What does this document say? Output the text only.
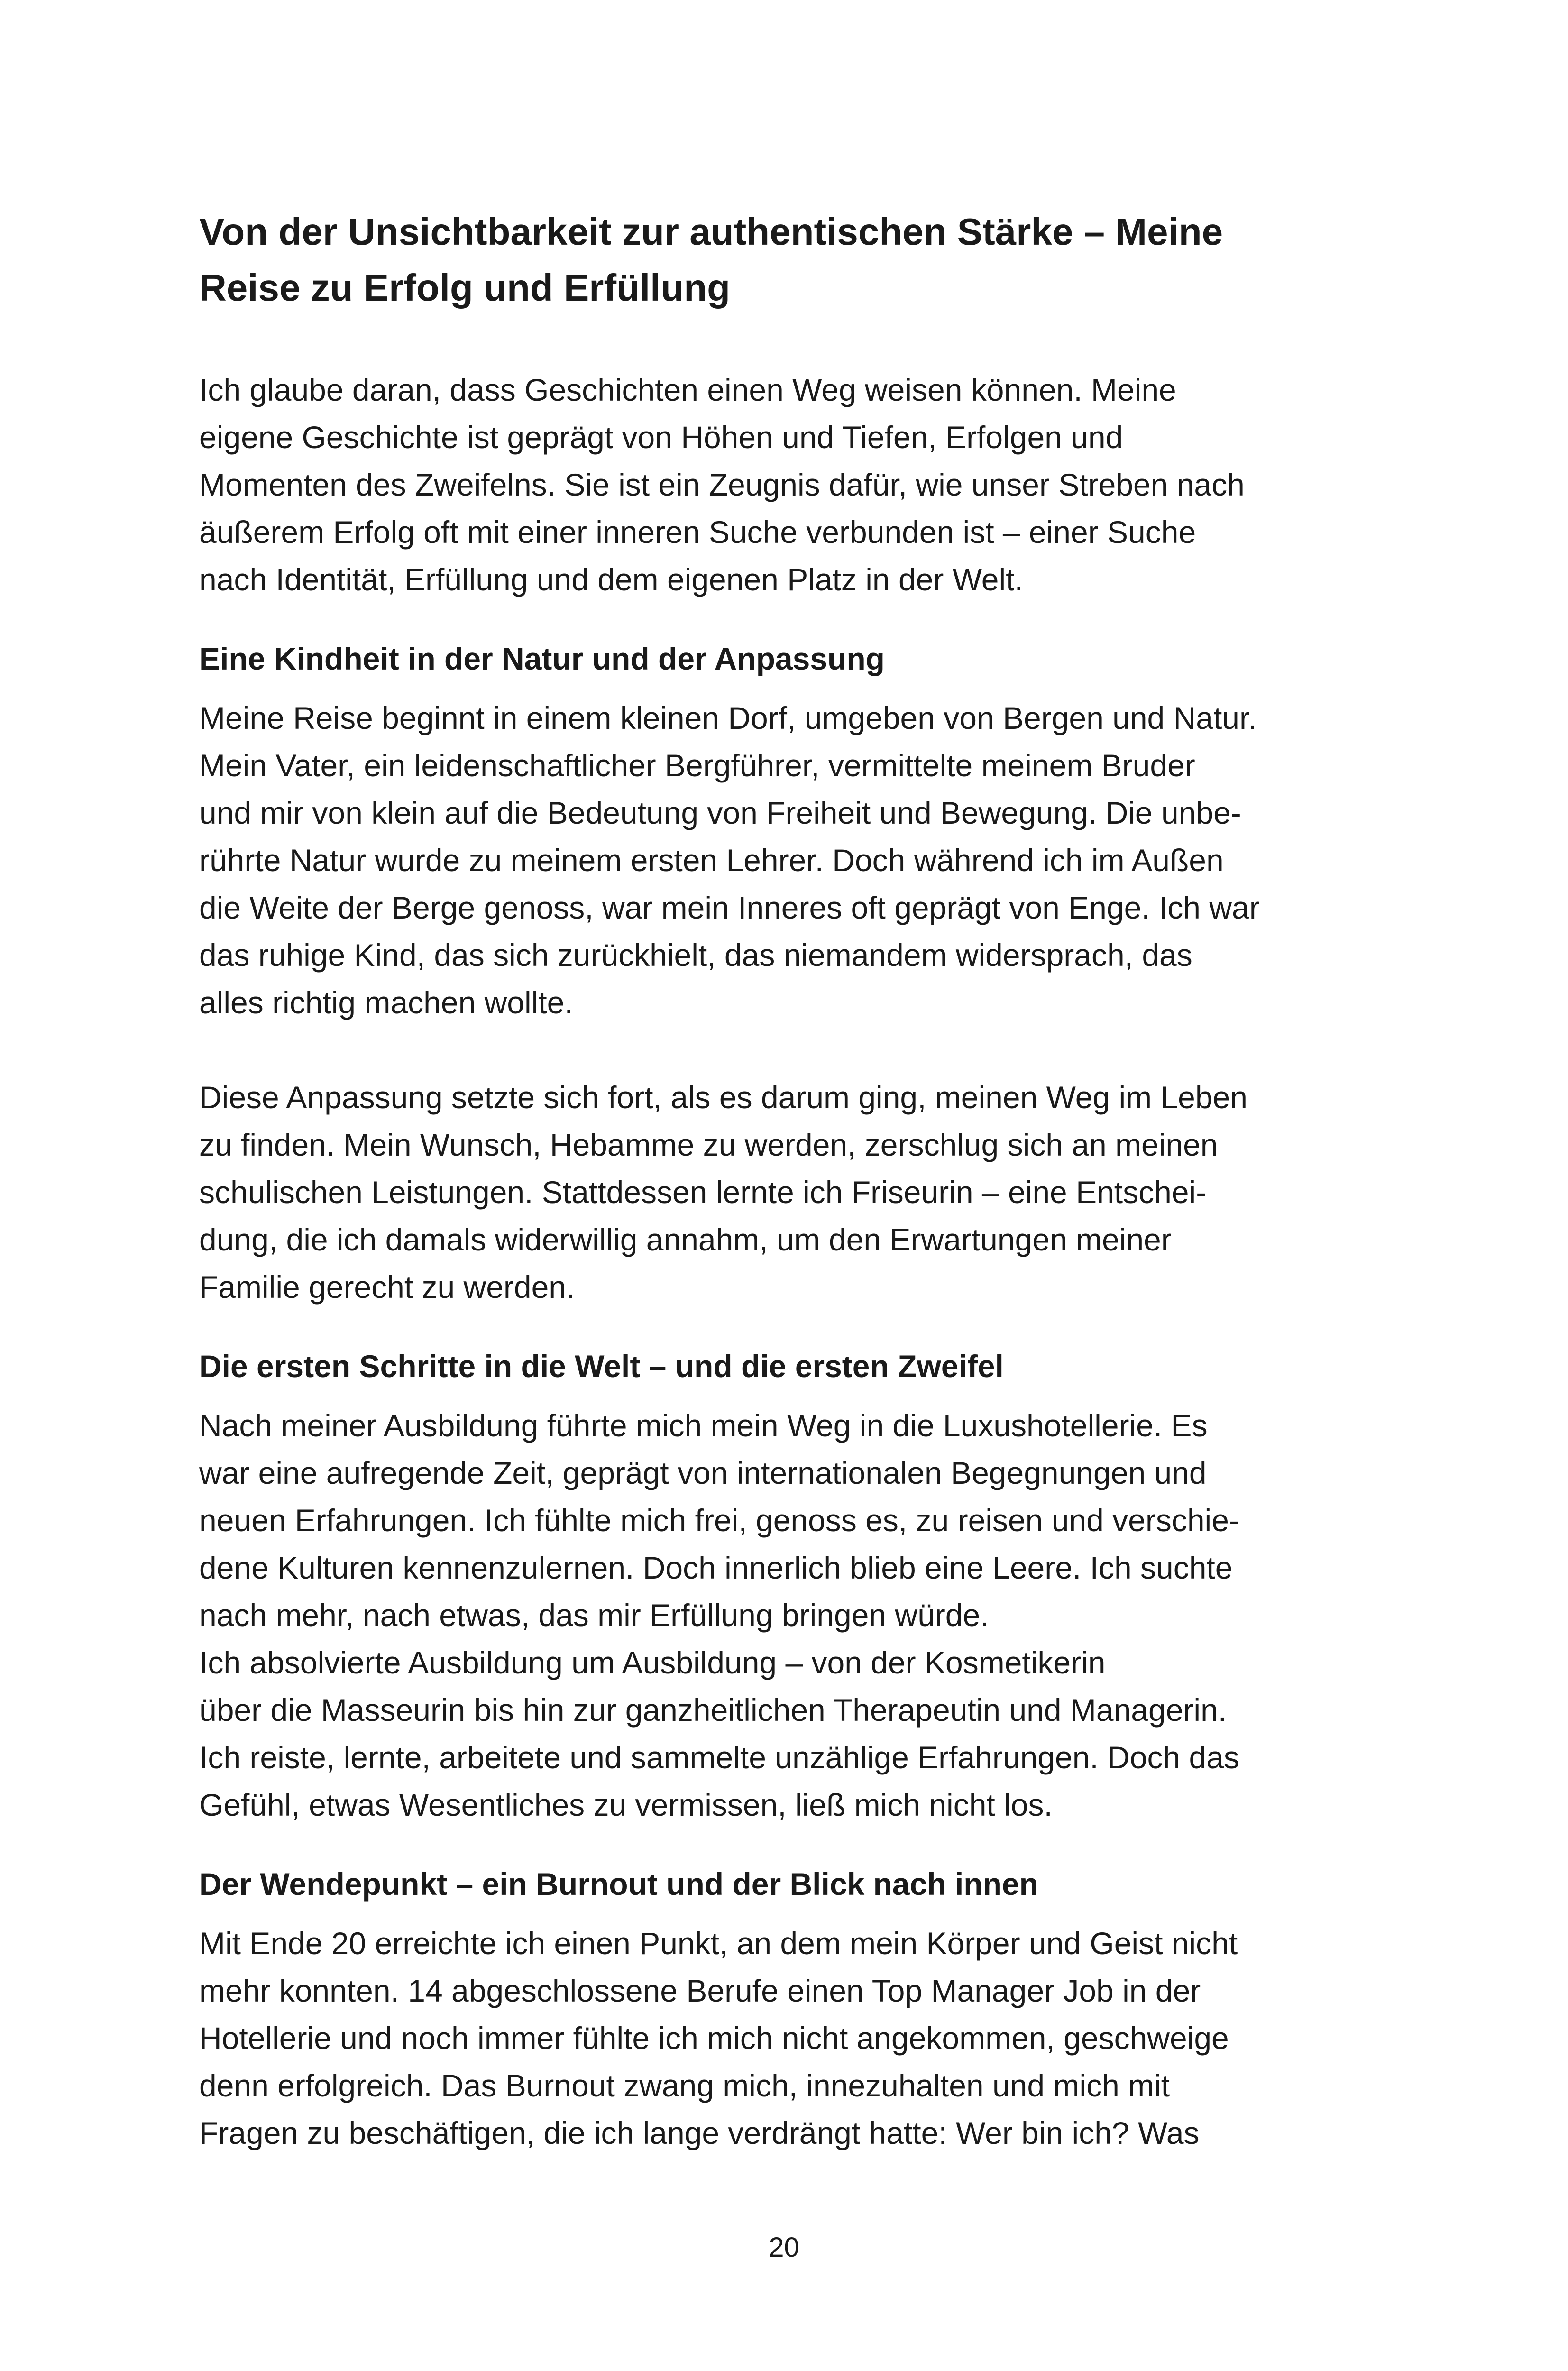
Von der Unsichtbarkeit zur authentischen Stärke – Meine
Reise zu Erfolg und Erfüllung

Ich glaube daran, dass Geschichten einen Weg weisen können. Meine
eigene Geschichte ist geprägt von Höhen und Tiefen, Erfolgen und
Momenten des Zweifelns. Sie ist ein Zeugnis dafür, wie unser Streben nach
äußerem Erfolg oft mit einer inneren Suche verbunden ist – einer Suche
nach Identität, Erfüllung und dem eigenen Platz in der Welt.

Eine Kindheit in der Natur und der Anpassung

Meine Reise beginnt in einem kleinen Dorf, umgeben von Bergen und Natur.
Mein Vater, ein leidenschaftlicher Bergführer, vermittelte meinem Bruder
und mir von klein auf die Bedeutung von Freiheit und Bewegung. Die unbe-
rührte Natur wurde zu meinem ersten Lehrer. Doch während ich im Außen
die Weite der Berge genoss, war mein Inneres oft geprägt von Enge. Ich war
das ruhige Kind, das sich zurückhielt, das niemandem widersprach, das
alles richtig machen wollte.

Diese Anpassung setzte sich fort, als es darum ging, meinen Weg im Leben
zu finden. Mein Wunsch, Hebamme zu werden, zerschlug sich an meinen
schulischen Leistungen. Stattdessen lernte ich Friseurin – eine Entschei-
dung, die ich damals widerwillig annahm, um den Erwartungen meiner
Familie gerecht zu werden.

Die ersten Schritte in die Welt – und die ersten Zweifel

Nach meiner Ausbildung führte mich mein Weg in die Luxushotellerie. Es
war eine aufregende Zeit, geprägt von internationalen Begegnungen und
neuen Erfahrungen. Ich fühlte mich frei, genoss es, zu reisen und verschie-
dene Kulturen kennenzulernen. Doch innerlich blieb eine Leere. Ich suchte
nach mehr, nach etwas, das mir Erfüllung bringen würde.
Ich absolvierte Ausbildung um Ausbildung – von der Kosmetikerin
über die Masseurin bis hin zur ganzheitlichen Therapeutin und Managerin.
Ich reiste, lernte, arbeitete und sammelte unzählige Erfahrungen. Doch das
Gefühl, etwas Wesentliches zu vermissen, ließ mich nicht los.

Der Wendepunkt – ein Burnout und der Blick nach innen

Mit Ende 20 erreichte ich einen Punkt, an dem mein Körper und Geist nicht
mehr konnten. 14 abgeschlossene Berufe einen Top Manager Job in der
Hotellerie und noch immer fühlte ich mich nicht angekommen, geschweige
denn erfolgreich. Das Burnout zwang mich, innezuhalten und mich mit
Fragen zu beschäftigen, die ich lange verdrängt hatte: Wer bin ich? Was

20
